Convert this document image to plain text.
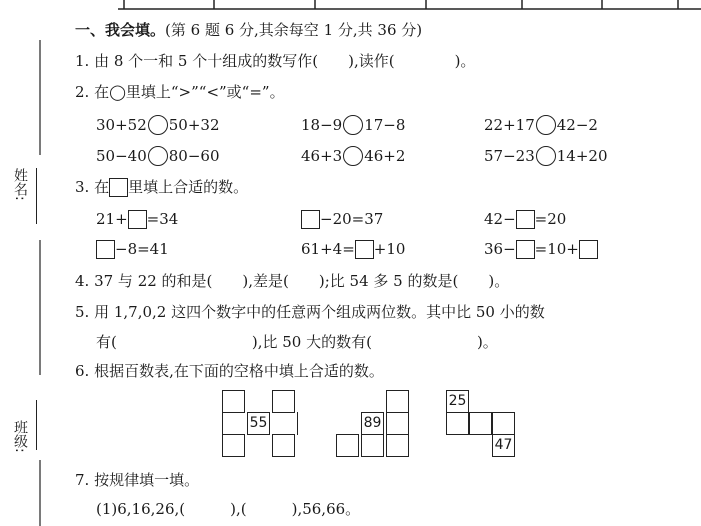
姓名:
班级:
一、我会填。(第 6 题 6 分,其余每空 1 分,共 36 分)
1. 由 8 个一和 5 个十组成的数写作(　　),读作(　　　　)。
2. 在◯里填上“>”“<”或“=”。
30+52 50+32	18−9 17−8	22+17 42−2
50−40 80−60	46+3 46+2	57−23 14+20
3. 在 里填上合适的数。
21+ =34	−20=37	42− =20
−8=41	61+4= +10	36− =10+
4. 37 与 22 的和是(　　),差是(　　);比 54 多 5 的数是(　　)。
5. 用 1,7,0,2 这四个数字中的任意两个组成两位数。其中比 50 小的数
有(　　　　　　　　　),比 50 大的数有(　　　　　　　)。
6. 根据百数表,在下面的空格中填上合适的数。
55	89
25
47
7. 按规律填一填。
(1)6,16,26,(　　　),(　　　),56,66。
